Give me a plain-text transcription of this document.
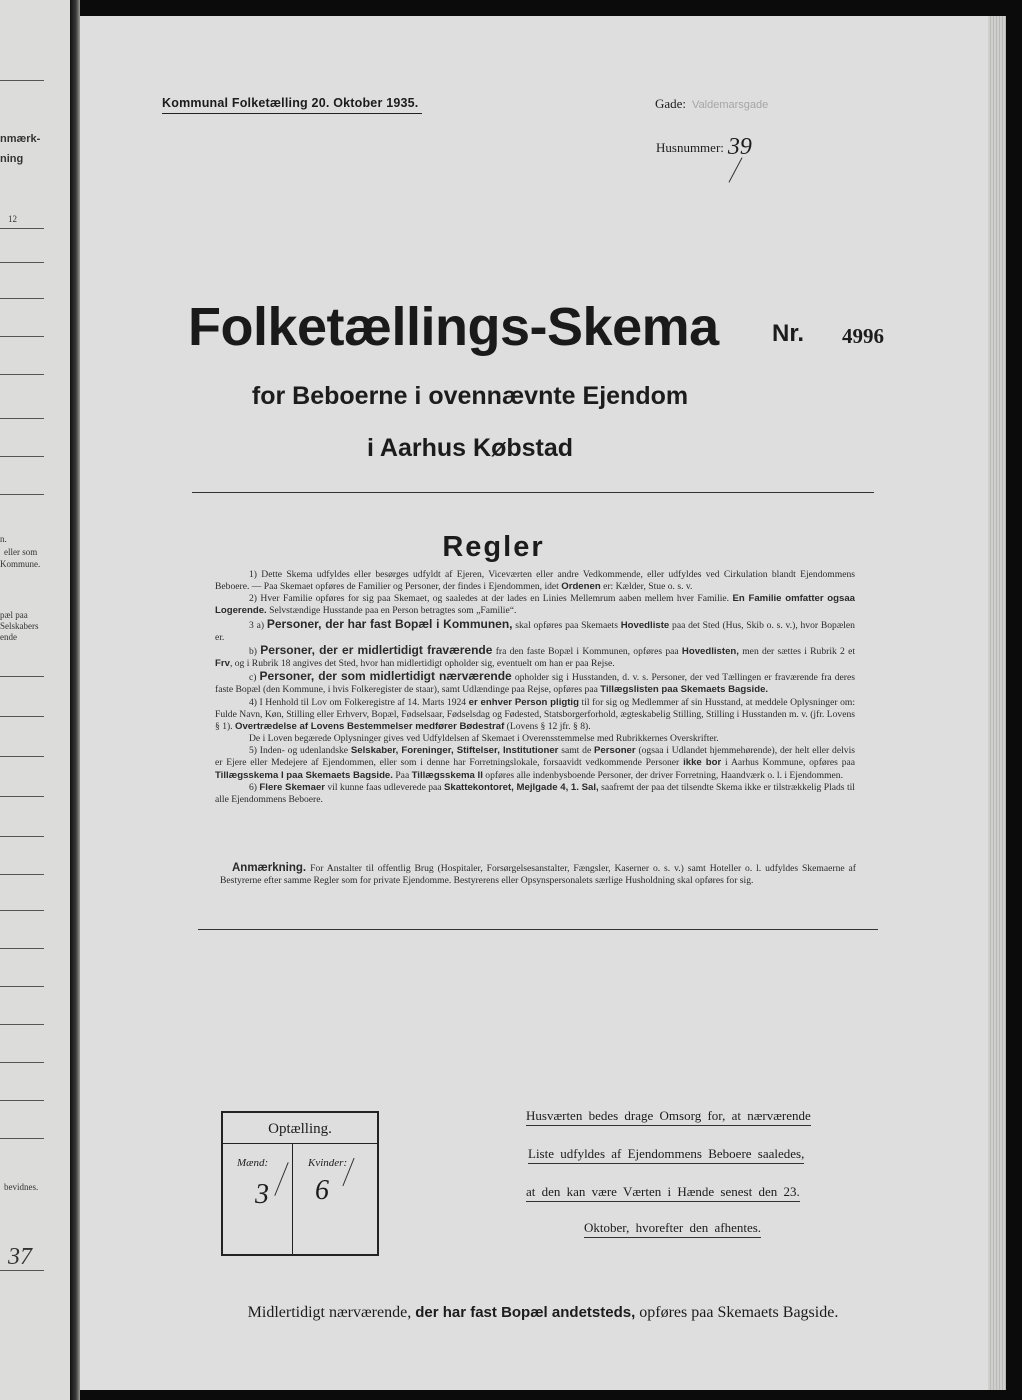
nmærk-
ning
12
n.
eller som
Kommune.
pæl paa
Selskabers
ende
bevidnes.
37
Kommunal Folketælling 20. Oktober 1935.	Gade: Valdemarsgade
Husnummer: 39
Folketællings-Skema Nr. 4996
for Beboerne i ovennævnte Ejendom
i Aarhus Købstad
Regler

1) Dette Skema udfyldes eller besørges udfyldt af Ejeren, Viceværten eller andre Vedkommende, eller udfyldes ved Cirkulation blandt Ejendommens Beboere. — Paa Skemaet opføres de Familier og Personer, der findes i Ejendommen, idet Ordenen er: Kælder, Stue o. s. v.

2) Hver Familie opføres for sig paa Skemaet, og saaledes at der lades en Linies Mellemrum aaben mellem hver Familie. En Familie omfatter ogsaa Logerende. Selvstændige Husstande paa en Person betragtes som „Familie“.

3 a) Personer, der har fast Bopæl i Kommunen, skal opføres paa Skemaets Hovedliste paa det Sted (Hus, Skib o. s. v.), hvor Bopælen er.

b) Personer, der er midlertidigt fraværende fra den faste Bopæl i Kommunen, opføres paa Hovedlisten, men der sættes i Rubrik 2 et Frv, og i Rubrik 18 angives det Sted, hvor han midlertidigt opholder sig, eventuelt om han er paa Rejse.

c) Personer, der som midlertidigt nærværende opholder sig i Husstanden, d. v. s. Personer, der ved Tællingen er fraværende fra deres faste Bopæl (den Kommune, i hvis Folkeregister de staar), samt Udlændinge paa Rejse, opføres paa Tillægslisten paa Skemaets Bagside.

4) I Henhold til Lov om Folkeregistre af 14. Marts 1924 er enhver Person pligtig til for sig og Medlemmer af sin Husstand, at meddele Oplysninger om: Fulde Navn, Køn, Stilling eller Erhverv, Bopæl, Fødselsaar, Fødselsdag og Fødested, Statsborgerforhold, ægteskabelig Stilling, Stilling i Husstanden m. v. (jfr. Lovens § 1). Overtrædelse af Lovens Bestemmelser medfører Bødestraf (Lovens § 12 jfr. § 8).

De i Loven begærede Oplysninger gives ved Udfyldelsen af Skemaet i Overensstemmelse med Rubrikkernes Overskrifter.

5) Inden- og udenlandske Selskaber, Foreninger, Stiftelser, Institutioner samt de Personer (ogsaa i Udlandet hjemmehørende), der helt eller delvis er Ejere eller Medejere af Ejendommen, eller som i denne har Forretningslokale, forsaavidt vedkommende Personer ikke bor i Aarhus Kommune, opføres paa Tillægsskema I paa Skemaets Bagside. Paa Tillægsskema II opføres alle indenbysboende Personer, der driver Forretning, Haandværk o. l. i Ejendommen.

6) Flere Skemaer vil kunne faas udleverede paa Skattekontoret, Mejlgade 4, 1. Sal, saafremt der paa det tilsendte Skema ikke er tilstrækkelig Plads til alle Ejendommens Beboere.

Anmærkning. For Anstalter til offentlig Brug (Hospitaler, Forsørgelsesanstalter, Fængsler, Kaserner o. s. v.) samt Hoteller o. l. udfyldes Skemaerne af Bestyrerne efter samme Regler som for private Ejendomme. Bestyrerens eller Opsynspersonalets særlige Husholdning skal opføres for sig.

Optælling.
Mænd:	Kvinder:
3 6
Husværten bedes drage Omsorg for, at nærværende
Liste udfyldes af Ejendommens Beboere saaledes,
at den kan være Værten i Hænde senest den 23.
Oktober, hvorefter den afhentes.
Midlertidigt nærværende, der har fast Bopæl andetsteds, opføres paa Skemaets Bagside.
